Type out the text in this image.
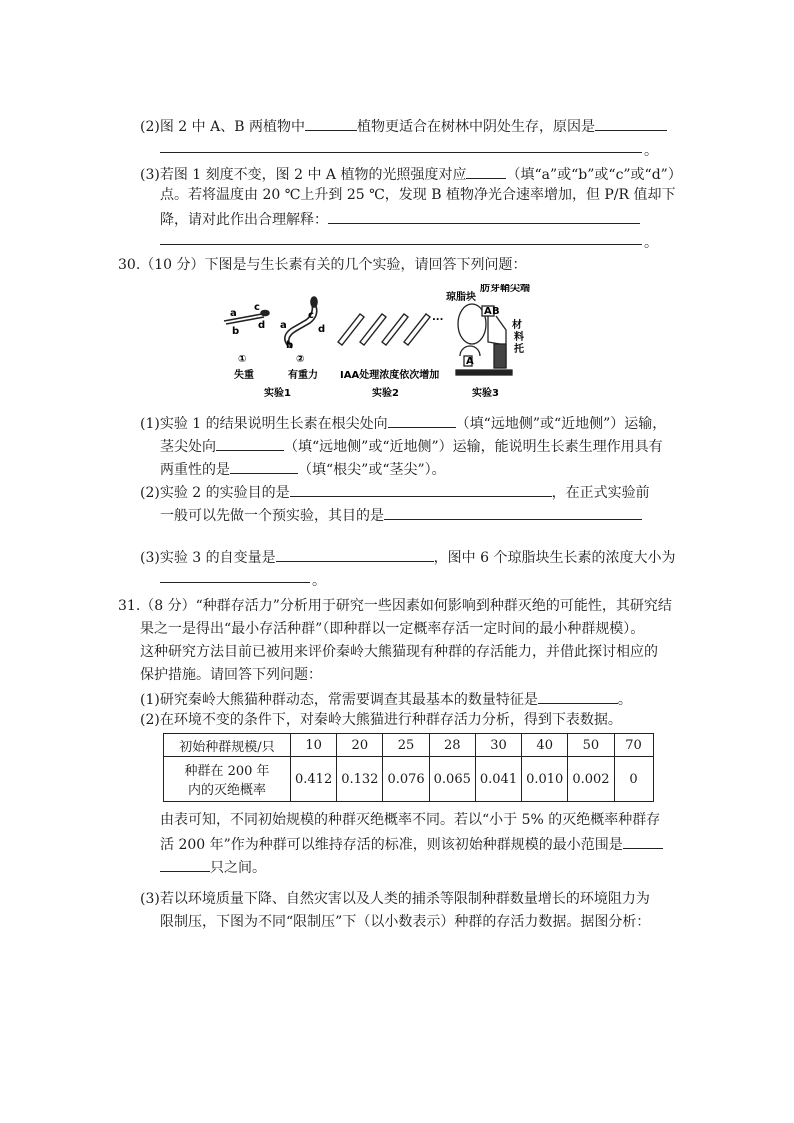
(2)图 2 中 A、B 两植物中	植物更适合在树林中阴处生存，原因是
。
(3)若图 1 刻度不变，图 2 中 A 植物的光照强度对应	（填“a”或“b”或“c”或“d”）
点。若将温度由 20 ℃上升到 25 ℃，发现 B 植物净光合速率增加，但 P/R 值却下
降，请对此作出合理解释：
。
30.（10 分）下图是与生长素有关的几个实验，请回答下列问题：
a
b
c
d a
b
c
d
①	②
失重	有重力
实验1
...
IAA处理浓度依次增加
实验2
琼脂块
肪芽鞘尖端
A B
A
材
料
托
实验3
(1)实验 1 的结果说明生长素在根尖处向	（填“远地侧”或“近地侧”）运输，
茎尖处向	（填“远地侧”或“近地侧”）运输，能说明生长素生理作用具有
两重性的是	（填“根尖”或“茎尖”）。
(2)实验 2 的实验目的是	，在正式实验前
一般可以先做一个预实验，其目的是
(3)实验 3 的自变量是	，图中 6 个琼脂块生长素的浓度大小为
。
31.（8 分）“种群存活力”分析用于研究一些因素如何影响到种群灭绝的可能性，其研究结
果之一是得出“最小存活种群”（即种群以一定概率存活一定时间的最小种群规模）。
这种研究方法目前已被用来评价秦岭大熊猫现有种群的存活能力，并借此探讨相应的
保护措施。请回答下列问题：
(1)研究秦岭大熊猫种群动态，常需要调查其最基本的数量特征是	。
(2)在环境不变的条件下，对秦岭大熊猫进行种群存活力分析，得到下表数据。
初始种群规模/只	10	20	25	28	30	40	50	70

种群在 200 年
内的灭绝概率	0.412	0.132	0.076	0.065	0.041	0.010	0.002	0
由表可知，不同初始规模的种群灭绝概率不同。若以“小于 5% 的灭绝概率种群存
活 200 年”作为种群可以维持存活的标准，则该初始种群规模的最小范围是
只之间。
(3)若以环境质量下降、自然灾害以及人类的捕杀等限制种群数量增长的环境阻力为
限制压，下图为不同“限制压”下（以小数表示）种群的存活力数据。据图分析：
